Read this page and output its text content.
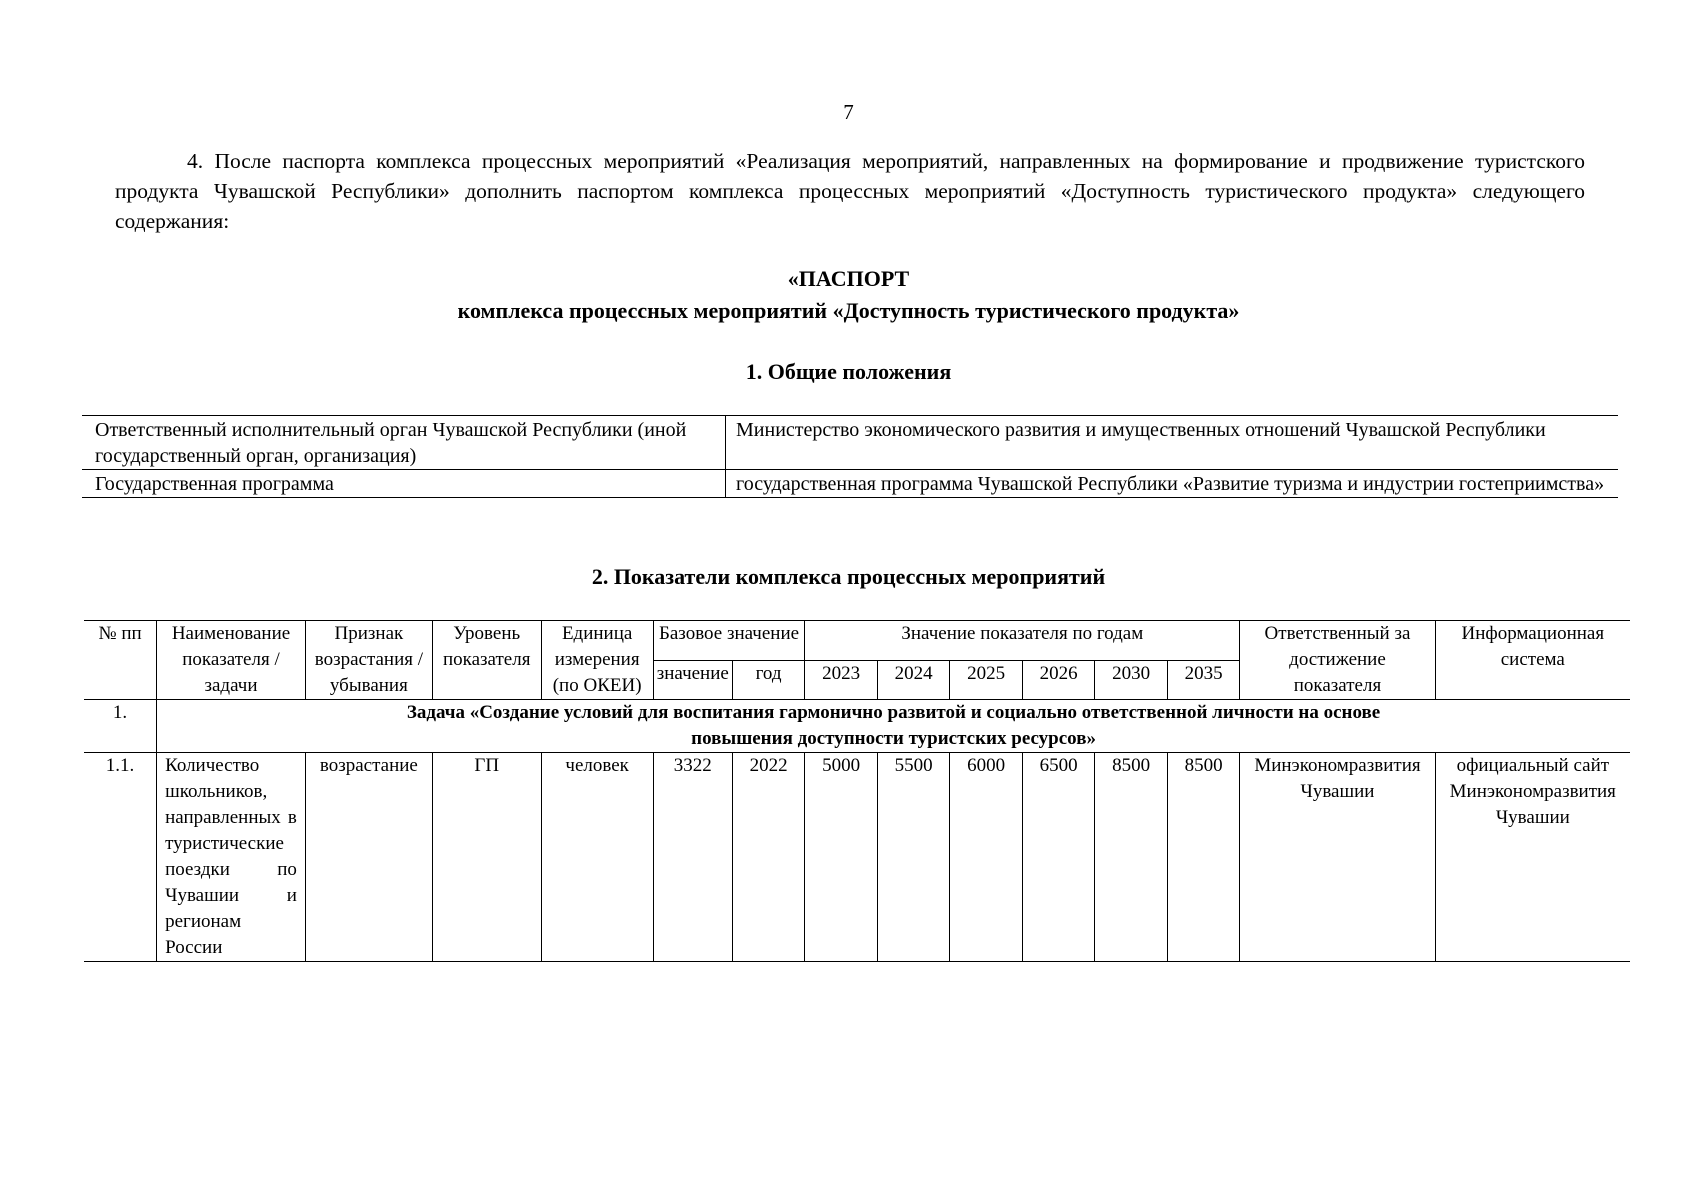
7

4. После паспорта комплекса процессных мероприятий «Реализация мероприятий, направленных на формирование и продвижение туристского продукта Чувашской Республики» дополнить паспортом комплекса процессных мероприятий «Доступность туристического продукта» следующего содержания:

«ПАСПОРТ
комплекса процессных мероприятий «Доступность туристического продукта»
1. Общие положения
Ответственный исполнительный орган Чувашской Республики (иной государственный орган, организация)	Министерство экономического развития и имущественных отношений Чувашской Республики
Государственная программа	государственная программа Чувашской Республики «Развитие туризма и индустрии гостеприимства»
2. Показатели комплекса процессных мероприятий
№ пп	Наименование показателя / задачи	Признак возрастания / убывания	Уровень показателя	Единица измерения (по ОКЕИ)	Базовое значение		Значение показателя по годам						Ответственный за достижение показателя	Информационная система
					значение	год	2023	2024	2025	2026	2030	2035		
1.	Задача «Создание условий для воспитания гармонично развитой и социально ответственной личности на основе повышения доступности туристских ресурсов»													
1.1.	Количество школьников, направленных в туристические поездки по Чувашии и регионам России	возрастание	ГП	человек	3322	2022	5000	5500	6000	6500	8500	8500	Минэкономразвития Чувашии	официальный сайт Минэкономразвития Чувашии
